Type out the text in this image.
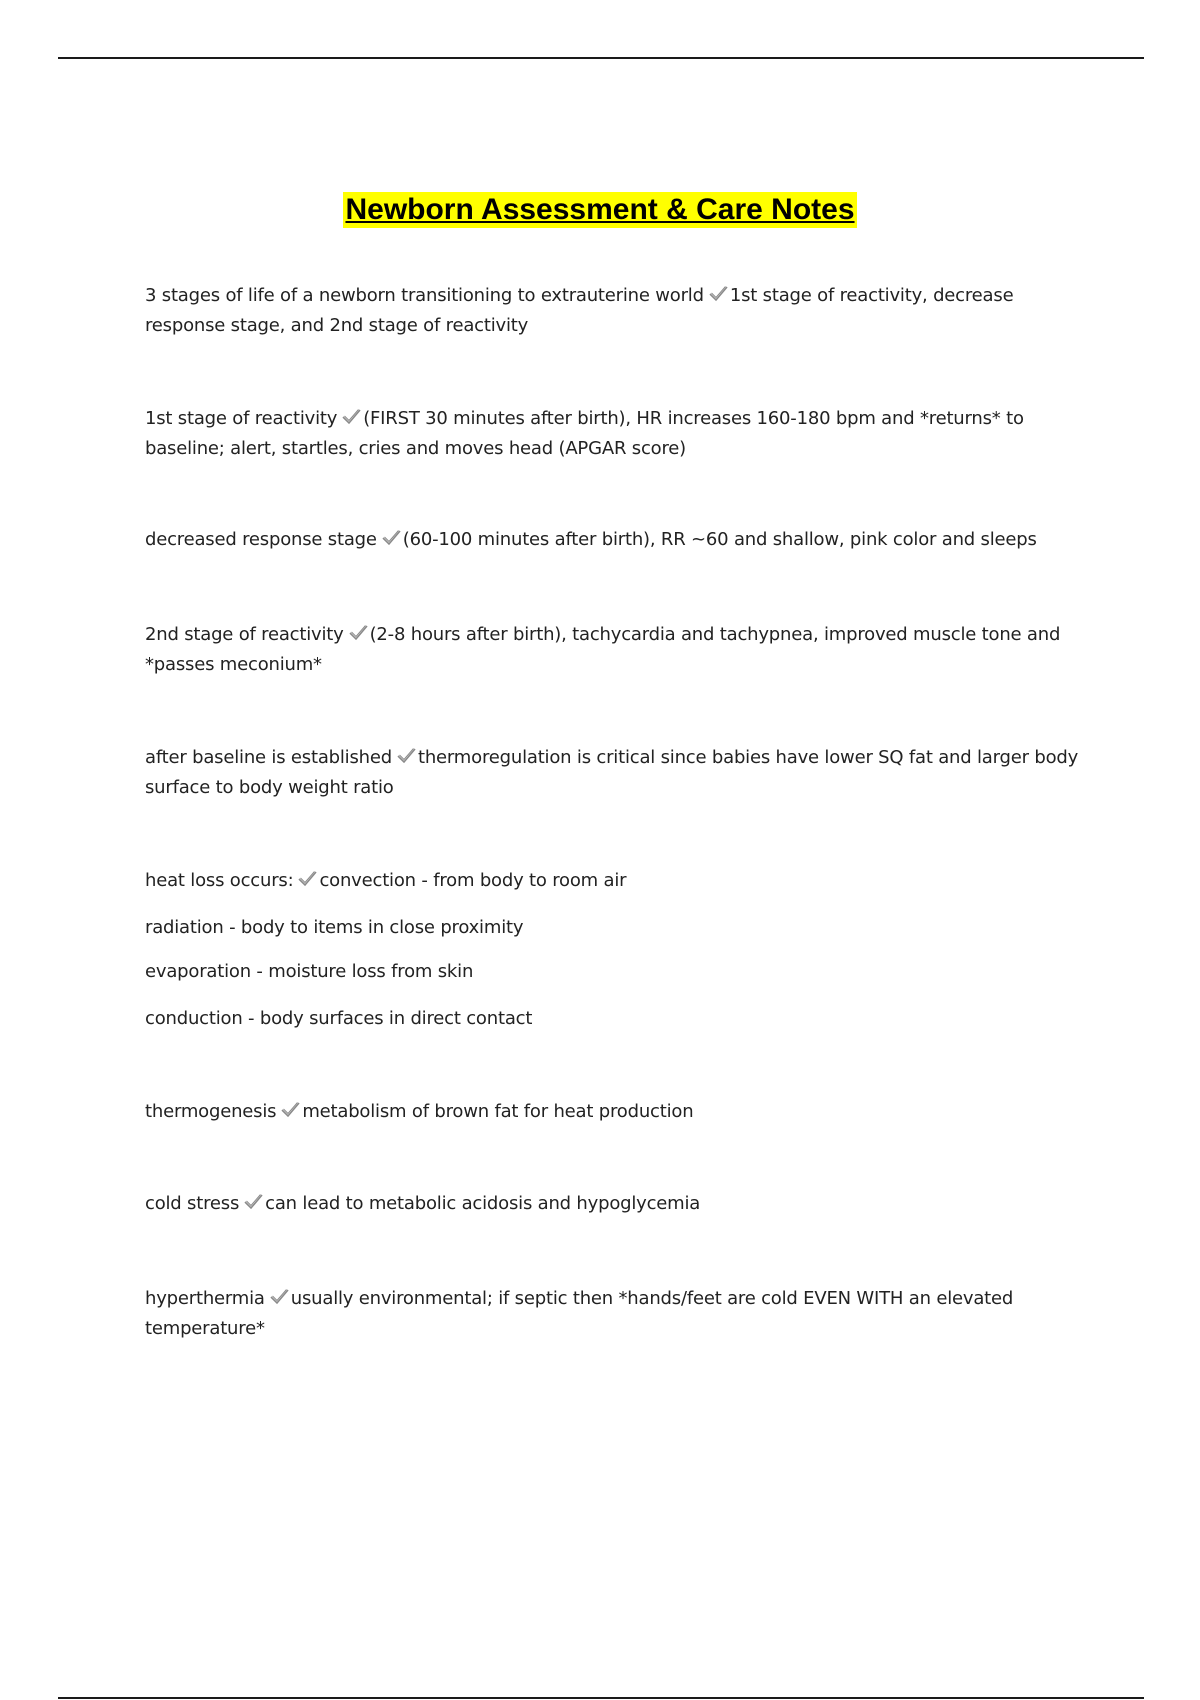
Newborn Assessment & Care Notes

3 stages of life of a newborn transitioning to extrauterine world 1st stage of reactivity, decrease response stage, and 2nd stage of reactivity

1st stage of reactivity (FIRST 30 minutes after birth), HR increases 160-180 bpm and *returns* to baseline; alert, startles, cries and moves head (APGAR score)

decreased response stage (60-100 minutes after birth), RR ~60 and shallow, pink color and sleeps

2nd stage of reactivity (2-8 hours after birth), tachycardia and tachypnea, improved muscle tone and *passes meconium*

after baseline is established thermoregulation is critical since babies have lower SQ fat and larger body surface to body weight ratio

heat loss occurs: convection - from body to room air

radiation - body to items in close proximity

evaporation - moisture loss from skin

conduction - body surfaces in direct contact

thermogenesis metabolism of brown fat for heat production

cold stress can lead to metabolic acidosis and hypoglycemia

hyperthermia usually environmental; if septic then *hands/feet are cold EVEN WITH an elevated temperature*
